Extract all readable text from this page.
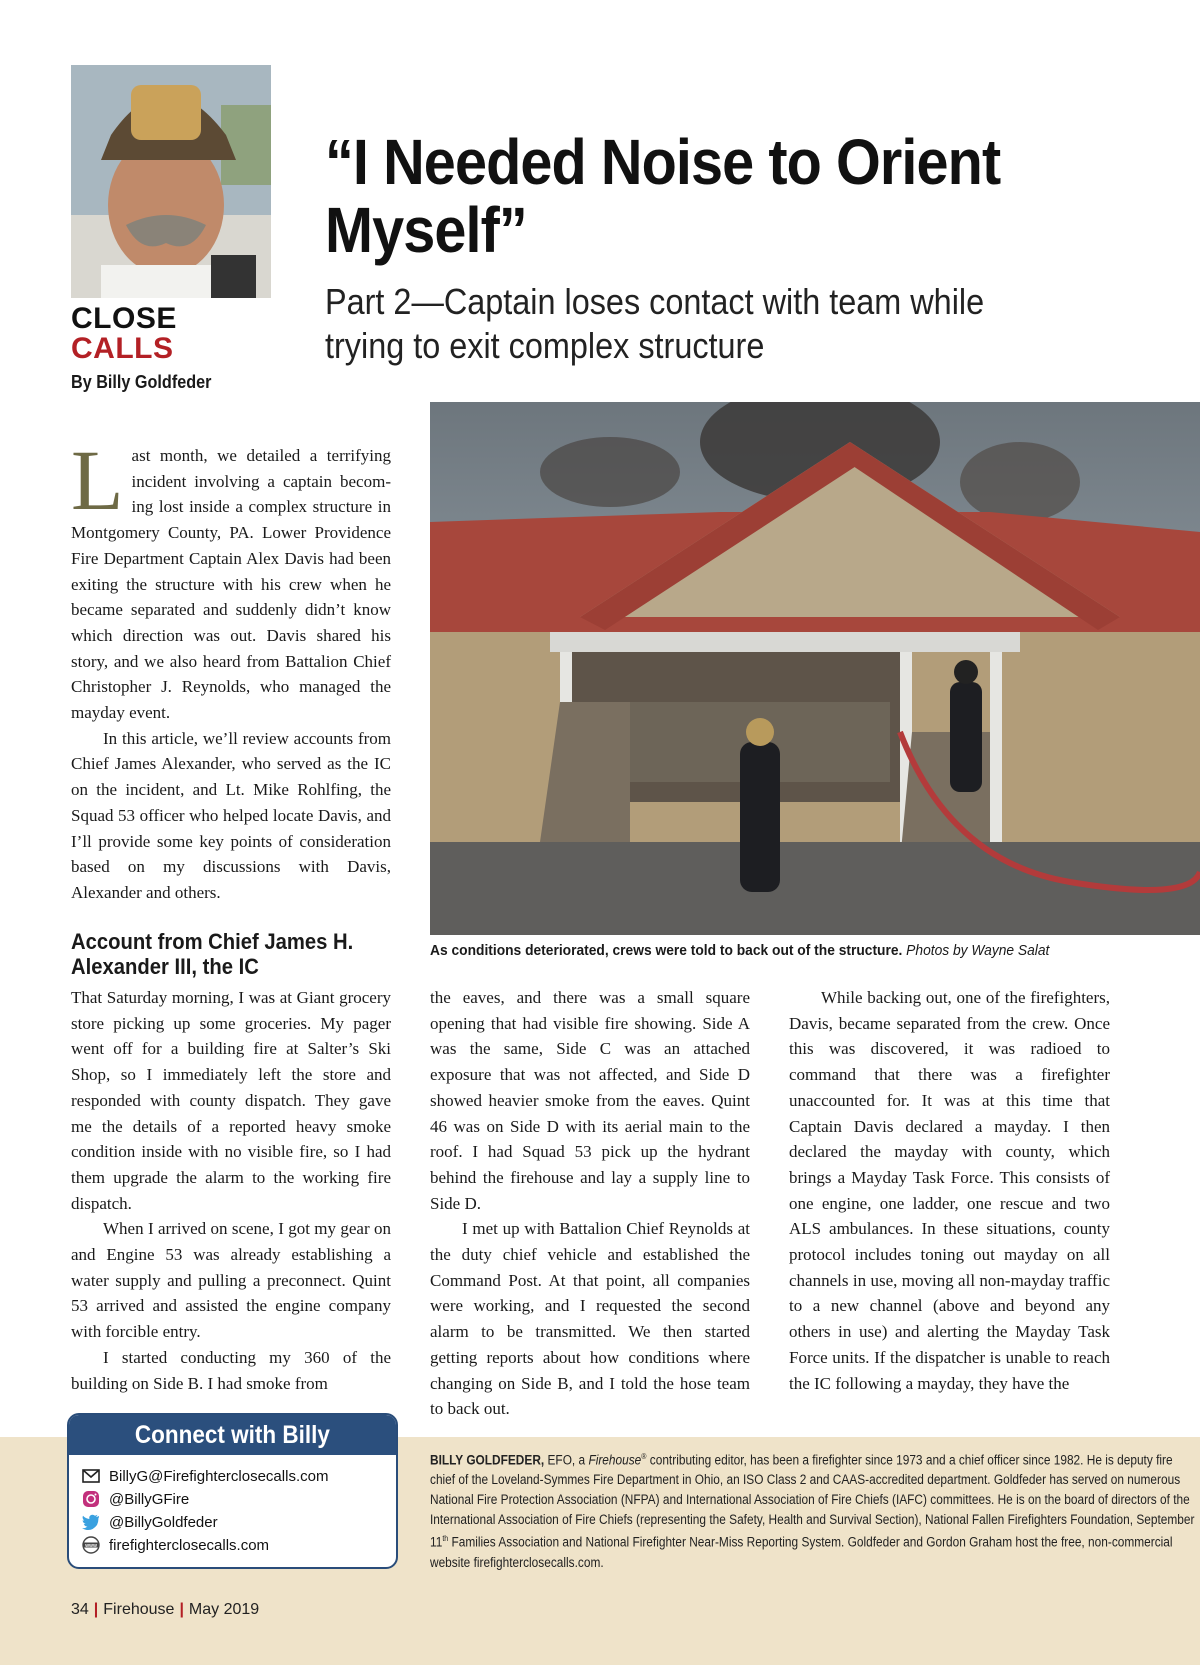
CLOSE
CALLS
By Billy Goldfeder
“I Needed Noise to Orient Myself”
Part 2—Captain loses contact with team while trying to exit complex structure
As conditions deteriorated, crews were told to back out of the structure. Photos by Wayne Salat

Last month, we detailed a terrifying incident involving a captain becoming lost inside a complex structure in Montgomery County, PA. Lower Providence Fire Department Captain Alex Davis had been exiting the structure with his crew when he became separated and suddenly didn’t know which direction was out. Davis shared his story, and we also heard from Battalion Chief Christopher J. Reynolds, who managed the mayday event.

In this article, we’ll review accounts from Chief James Alexander, who served as the IC on the incident, and Lt. Mike Rohlfing, the Squad 53 officer who helped locate Davis, and I’ll provide some key points of consideration based on my discussions with Davis, Alexander and others.

Account from Chief James H. Alexander III, the IC

That Saturday morning, I was at Giant grocery store picking up some groceries. My pager went off for a building fire at Salter’s Ski Shop, so I immediately left the store and responded with county dispatch. They gave me the details of a reported heavy smoke condition inside with no visible fire, so I had them upgrade the alarm to the working fire dispatch.

When I arrived on scene, I got my gear on and Engine 53 was already establishing a water supply and pulling a preconnect. Quint 53 arrived and assisted the engine company with forcible entry.

I started conducting my 360 of the building on Side B. I had smoke from

the eaves, and there was a small square opening that had visible fire showing. Side A was the same, Side C was an attached exposure that was not affected, and Side D showed heavier smoke from the eaves. Quint 46 was on Side D with its aerial main to the roof. I had Squad 53 pick up the hydrant behind the firehouse and lay a supply line to Side D.

I met up with Battalion Chief Reynolds at the duty chief vehicle and established the Command Post. At that point, all companies were working, and I requested the second alarm to be transmitted. We then started getting reports about how conditions where changing on Side B, and I told the hose team to back out.

While backing out, one of the firefighters, Davis, became separated from the crew. Once this was discovered, it was radioed to command that there was a firefighter unaccounted for. It was at this time that Captain Davis declared a mayday. I then declared the mayday with county, which brings a Mayday Task Force. This consists of one engine, one ladder, one rescue and two ALS ambulances. In these situations, county protocol includes toning out mayday on all channels in use, moving all non-mayday traffic to a new channel (above and beyond any others in use) and alerting the Mayday Task Force units. If the dispatcher is unable to reach the IC following a mayday, they have the

BILLY GOLDFEDER, EFO, a Firehouse® contributing editor, has been a firefighter since 1973 and a chief officer since 1982. He is deputy fire chief of the Loveland-Symmes Fire Department in Ohio, an ISO Class 2 and CAAS-accredited department. Goldfeder has served on numerous National Fire Protection Association (NFPA) and International Association of Fire Chiefs (IAFC) committees. He is on the board of directors of the International Association of Fire Chiefs (representing the Safety, Health and Survival Section), National Fallen Firefighters Foundation, September 11th Families Association and National Firefighter Near-Miss Reporting System. Goldfeder and Gordon Graham host the free, non-commercial website firefighterclosecalls.com.
Connect with Billy
BillyG@Firefighterclosecalls.com
@BillyGFire
@BillyGoldfeder
WWW firefighterclosecalls.com
34 | Firehouse | May 2019
